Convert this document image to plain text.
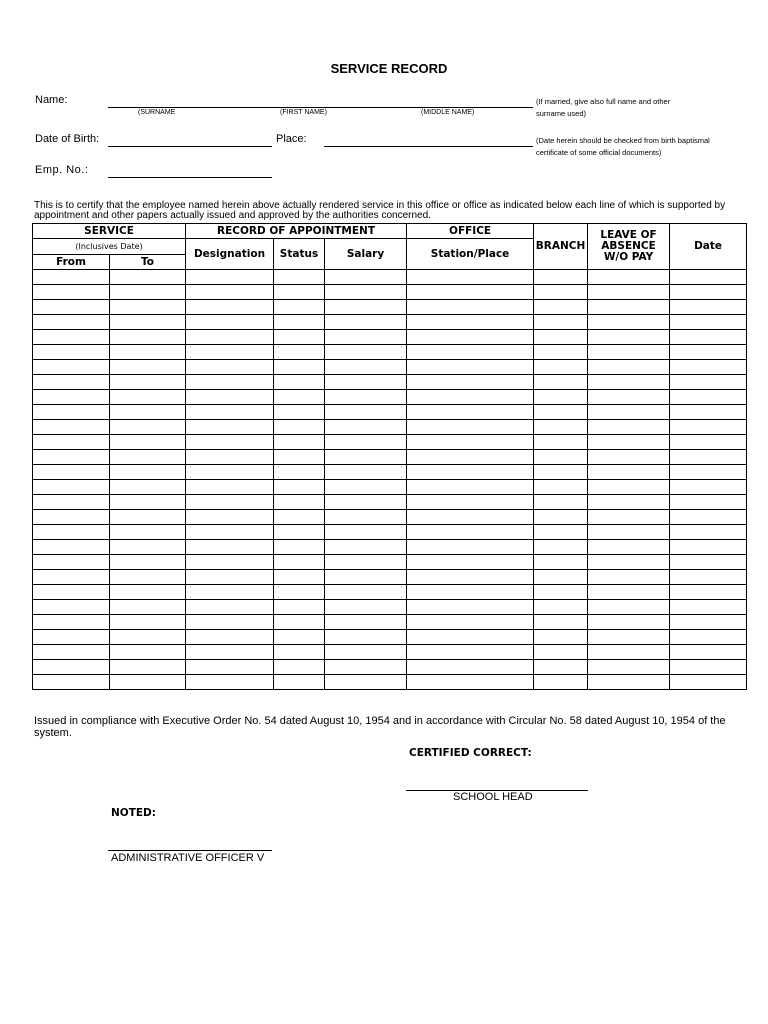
SERVICE RECORD
Name:
(SURNAME	(FIRST NAME)	(MIDDLE NAME)
(If married, give also full name and other
surname used)
Date of Birth:	Place:	(Date herein should be checked from birth baptismal
certificate of some official documents)
Emp. No.:
This is to certify that the employee named herein above actually rendered service in this office or office as indicated below each line of which is supported by appointment and other papers actually issued and approved by the authorities concerned.
SERVICE		RECORD OF APPOINTMENT			OFFICE	BRANCH	LEAVE OF
ABSENCE
W/O PAY	Date
(Inclusives Date)		Designation	Status	Salary	Station/Place			
From	To							

Issued in compliance with Executive Order No. 54 dated August 10, 1954 and in accordance with Circular No. 58 dated August 10, 1954 of the system.
CERTIFIED CORRECT:
SCHOOL HEAD
NOTED:
ADMINISTRATIVE OFFICER V
